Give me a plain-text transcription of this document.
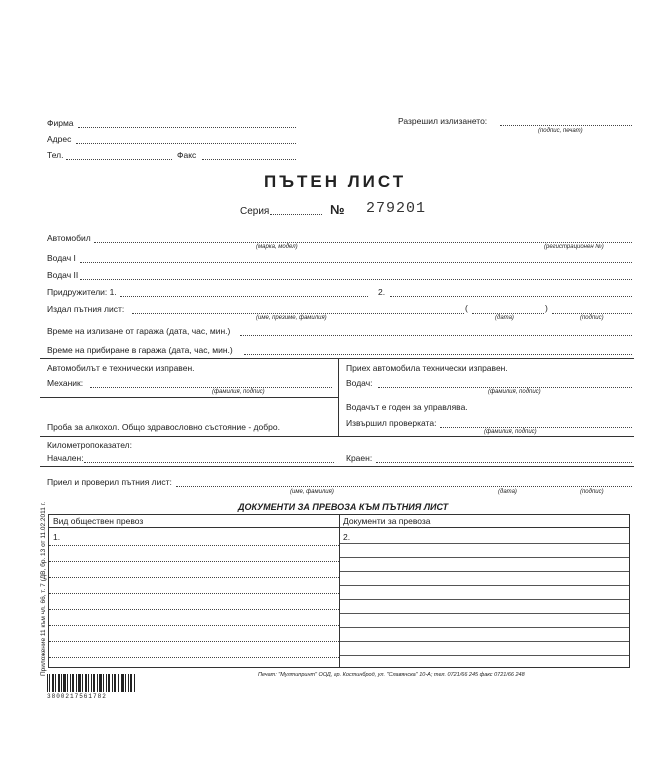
Фирма
Адрес
Тел.	Факс
Разрешил излизането:
(подпис, печат)
ПЪТЕН ЛИСТ
Серия	№ 279201
Автомобил
(марка, модел)	(регистрационен №)
Водач I
Водач II
Придружители: 1.	2.
Издал пътния лист:	(	)
(име, презиме, фамилия)	(дата)	(подпис)
Време на излизане от гаража (дата, час, мин.)
Време на прибиране в гаража (дата, час, мин.)
Автомобилът е технически изправен.
Механик:
(фамилия, подпис)
Приех автомобила технически изправен.
Водач:
(фамилия, подпис)
Проба за алкохол. Общо здравословно състояние - добро.
Водачът е годен за управлява.
Извършил проверката:
(фамилия, подпис)
Километропоказател:
Начален:	Краен:
Приел и проверил пътния лист:
(име, фамилия)	(дата)	(подпис)
ДОКУМЕНТИ ЗА ПРЕВОЗА КЪМ ПЪТНИЯ ЛИСТ
Вид обществен превоз	Документи за превоза
1.	2.
Приложение 11 към чл. 66, т. 7 (ДВ, бр. 13 от 11.02.2011 г.	Печат: "Мултипринт" ООД, гр. Костинброд, ул. "Славянска" 10-А; тел. 0721/66 245 факс 0721/66 248
3800217561782
